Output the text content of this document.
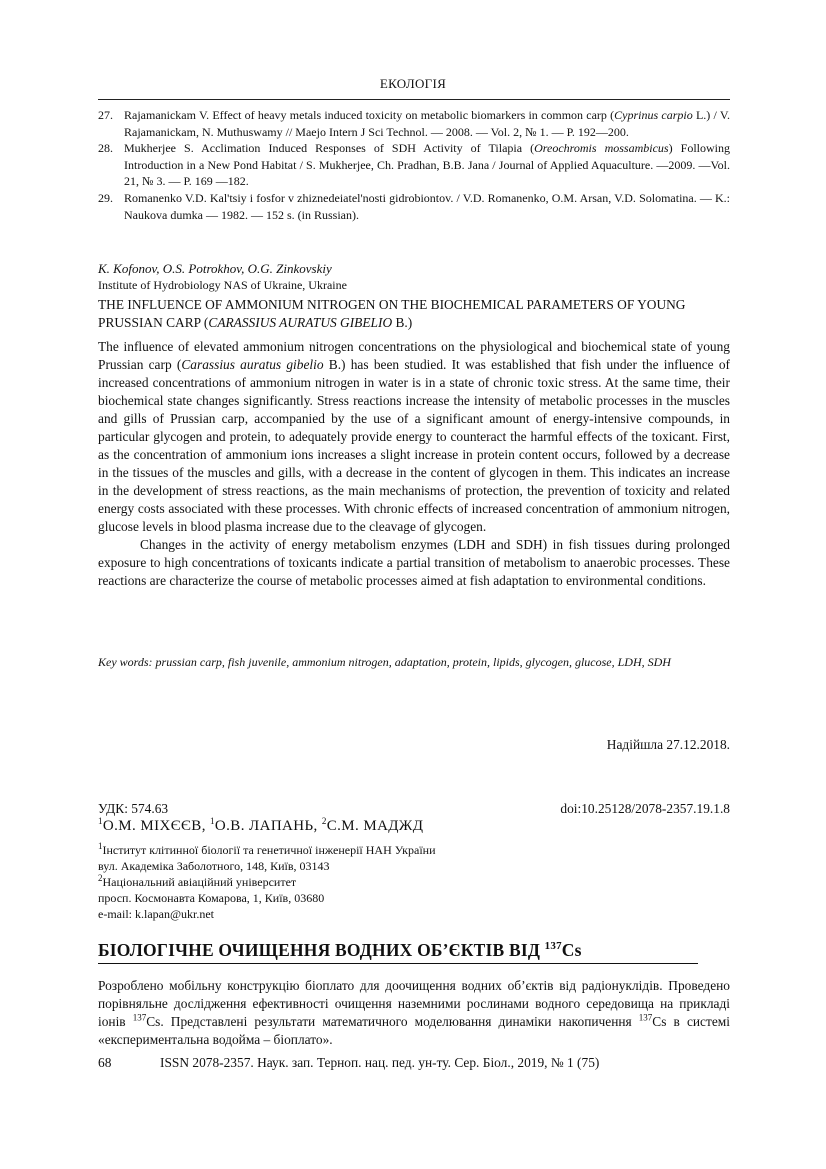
ЕКОЛОГІЯ
27. Rajamanickam V. Effect of heavy metals induced toxicity on metabolic biomarkers in common carp (Cyprinus carpio L.) / V. Rajamanickam, N. Muthuswamy // Maejo Intern J Sci Technol. — 2008. — Vol. 2, № 1. — P. 192—200.
28. Mukherjee S. Acclimation Induced Responses of SDH Activity of Tilapia (Oreochromis mossambicus) Following Introduction in a New Pond Habitat / S. Mukherjee, Ch. Pradhan, B.B. Jana / Journal of Applied Aquaculture. —2009. —Vol. 21, № 3. — P. 169 —182.
29. Romanenko V.D. Kal'tsiy i fosfor v zhiznedeiatel'nosti gidrobiontov. / V.D. Romanenko, O.M. Arsan, V.D. Solomatina. — K.: Naukova dumka — 1982. — 152 s. (in Russian).
K. Kofonov, O.S. Potrokhov, O.G. Zinkovskiy
Institute of Hydrobiology NAS of Ukraine, Ukraine
THE INFLUENCE OF AMMONIUM NITROGEN ON THE BIOCHEMICAL PARAMETERS OF YOUNG PRUSSIAN CARP (CARASSIUS AURATUS GIBELIO B.)

The influence of elevated ammonium nitrogen concentrations on the physiological and biochemical state of young Prussian carp (Carassius auratus gibelio B.) has been studied. It was established that fish under the influence of increased concentrations of ammonium nitrogen in water is in a state of chronic toxic stress. At the same time, their biochemical state changes significantly. Stress reactions increase the intensity of metabolic processes in the muscles and gills of Prussian carp, accompanied by the use of a significant amount of energy-intensive compounds, in particular glycogen and protein, to adequately provide energy to counteract the harmful effects of the toxicant. First, as the concentration of ammonium ions increases a slight increase in protein content occurs, followed by a decrease in the tissues of the muscles and gills, with a decrease in the content of glycogen in them. This indicates an increase in the development of stress reactions, as the main mechanisms of protection, the prevention of toxicity and related energy costs associated with these processes. With chronic effects of increased concentration of ammonium nitrogen, glucose levels in blood plasma increase due to the cleavage of glycogen.

Changes in the activity of energy metabolism enzymes (LDH and SDH) in fish tissues during prolonged exposure to high concentrations of toxicants indicate a partial transition of metabolism to anaerobic processes. These reactions are characterize the course of metabolic processes aimed at fish adaptation to environmental conditions.

Key words: prussian carp, fish juvenile, ammonium nitrogen, adaptation, protein, lipids, glycogen, glucose, LDH, SDH
Надійшла 27.12.2018.
УДК: 574.63	doi:10.25128/2078-2357.19.1.8
$^1$О.М. МІХЄЄВ, $^1$О.В. ЛАПАНЬ, $^2$С.М. МАДЖД
$^1$Інститут клітинної біології та генетичної інженерії НАН України
вул. Академіка Заболотного, 148, Київ, 03143
$^2$Національний авіаційний університет
просп. Космонавта Комарова, 1, Київ, 03680
e-mail: k.lapan@ukr.net
БІОЛОГІЧНЕ ОЧИЩЕННЯ ВОДНИХ ОБ’ЄКТІВ ВІД $^{137}$Cs
Розроблено мобільну конструкцію біоплато для доочищення водних об’єктів від радіонуклідів. Проведено порівняльне дослідження ефективності очищення наземними рослинами водного середовища на прикладі іонів $^{137}$Cs. Представлені результати математичного моделювання динаміки накопичення $^{137}$Cs в системі «експериментальна водойма – біоплато».
68	ISSN 2078-2357. Наук. зап. Терноп. нац. пед. ун-ту. Сер. Біол., 2019, № 1 (75)
